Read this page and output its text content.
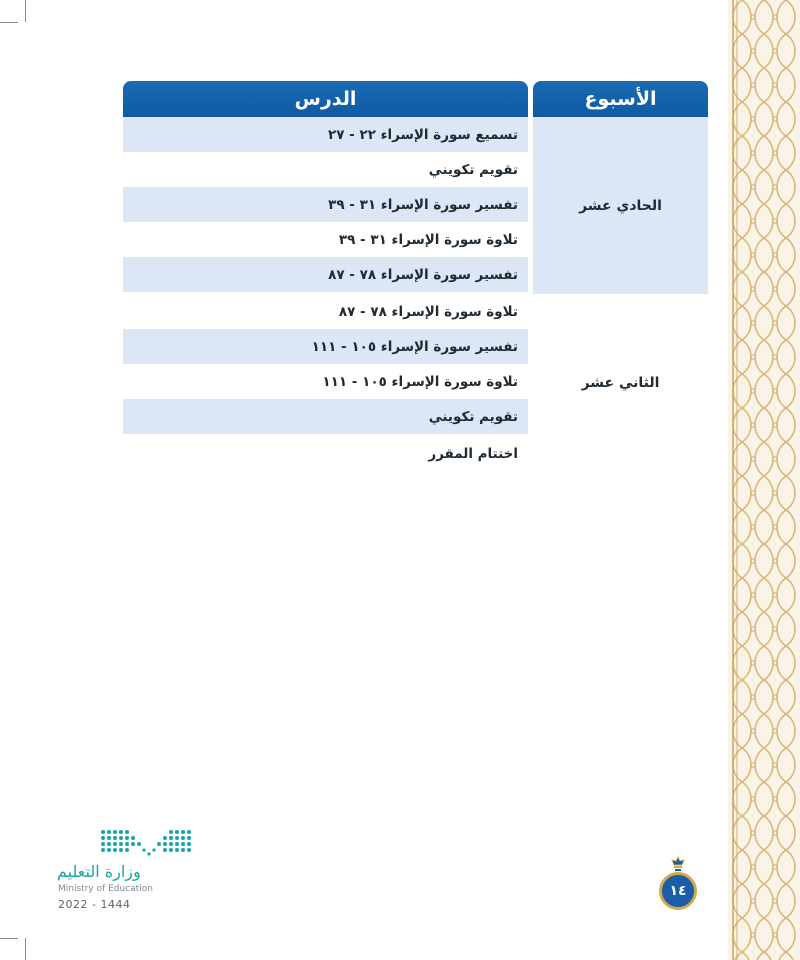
الدرس	الأسبوع
الحادي عشر
الثاني عشر
تسميع سورة الإسراء ٢٢ - ٢٧
تقويم تكويني
تفسير سورة الإسراء ٣١ - ٣٩
تلاوة سورة الإسراء ٣١ - ٣٩
تفسير سورة الإسراء ٧٨ - ٨٧
تلاوة سورة الإسراء ٧٨ - ٨٧
تفسير سورة الإسراء ١٠٥ - ١١١
تلاوة سورة الإسراء ١٠٥ - ١١١
تقويم تكويني
اختتام المقرر
١٤
وزارة التعليم
Ministry of Education
2022 - 1444
